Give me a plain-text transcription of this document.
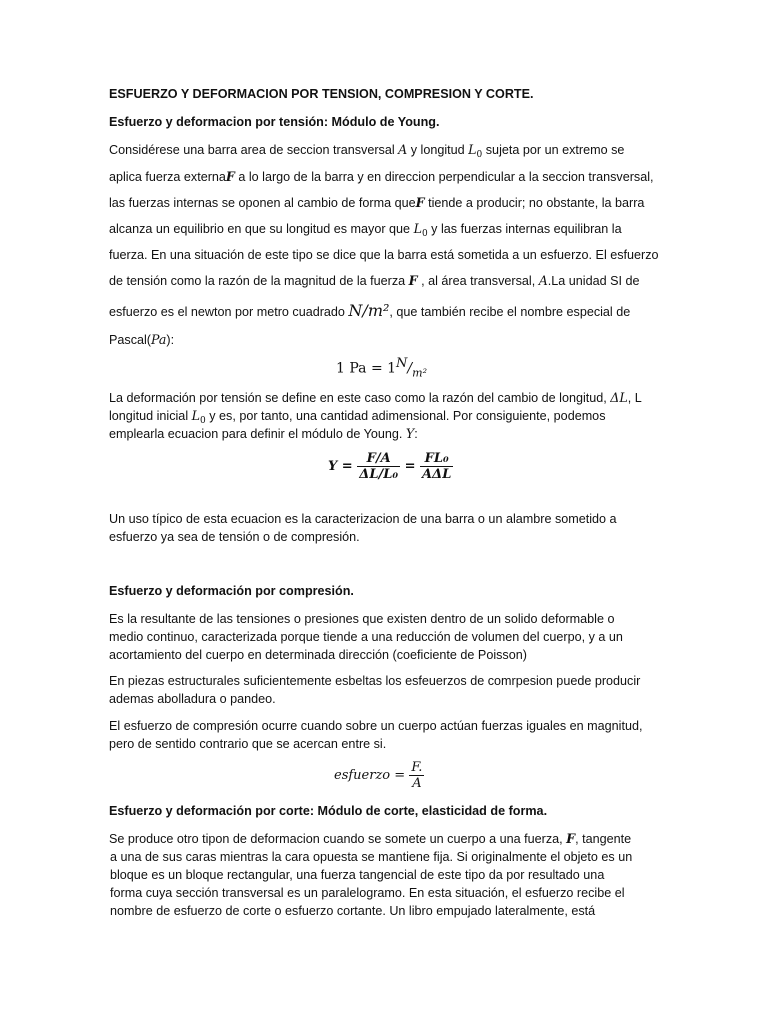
ESFUERZO Y DEFORMACION POR TENSION, COMPRESION Y CORTE.
Esfuerzo y deformacion por tensión: Módulo de Young.
Considérese una barra area de seccion transversal A y longitud $L_0$ sujeta por un extremo se
aplica fuerza externaF a lo largo de la barra y en direccion perpendicular a la seccion transversal,
las fuerzas internas se oponen al cambio de forma queF tiende a producir; no obstante, la barra
alcanza un equilibrio en que su longitud es mayor que $L_0$ y las fuerzas internas equilibran la
fuerza. En una situación de este tipo se dice que la barra está sometida a un esfuerzo. El esfuerzo
de tensión como la razón de la magnitud de la fuerza F , al área transversal, A.La unidad SI de
esfuerzo es el newton por metro cuadrado N/m², que también recibe el nombre especial de
Pascal(Pa):
1 $Pa = 1^N/_{m^2}$
La deformación por tensión se define en este caso como la razón del cambio de longitud, ΔL, L
longitud inicial $L_0$ y es, por tanto, una cantidad adimensional. Por consiguiente, podemos
emplearla ecuacion para definir el módulo de Young. Y:
$Y = \frac{F/A}{\text{ΔL/L₀}} = \frac{\text{FL₀}}{\text{AΔL}}$
Un uso típico de esta ecuacion es la caracterizacion de una barra o un alambre sometido a
esfuerzo ya sea de tensión o de compresión.
Esfuerzo y deformación por compresión.
Es la resultante de las tensiones o presiones que existen dentro de un solido deformable o
medio continuo, caracterizada porque tiende a una reducción de volumen del cuerpo, y a un
acortamiento del cuerpo en determinada dirección (coeficiente de Poisson)
En piezas estructurales suficientemente esbeltas los esfeuerzos de comrpesion puede producir
ademas abolladura o pandeo.
El esfuerzo de compresión ocurre cuando sobre un cuerpo actúan fuerzas iguales en magnitud,
pero de sentido contrario que se acercan entre si.
esfuerzo = $\frac{F.}{A}$
Esfuerzo y deformación por corte: Módulo de corte, elasticidad de forma.
Se produce otro tipon de deformacion cuando se somete un cuerpo a una fuerza, F, tangente
a una de sus caras mientras la cara opuesta se mantiene fija. Si originalmente el objeto es un
bloque es un bloque rectangular, una fuerza tangencial de este tipo da por resultado una
forma cuya sección transversal es un paralelogramo. En esta situación, el esfuerzo recibe el
nombre de esfuerzo de corte o esfuerzo cortante. Un libro empujado lateralmente, está
